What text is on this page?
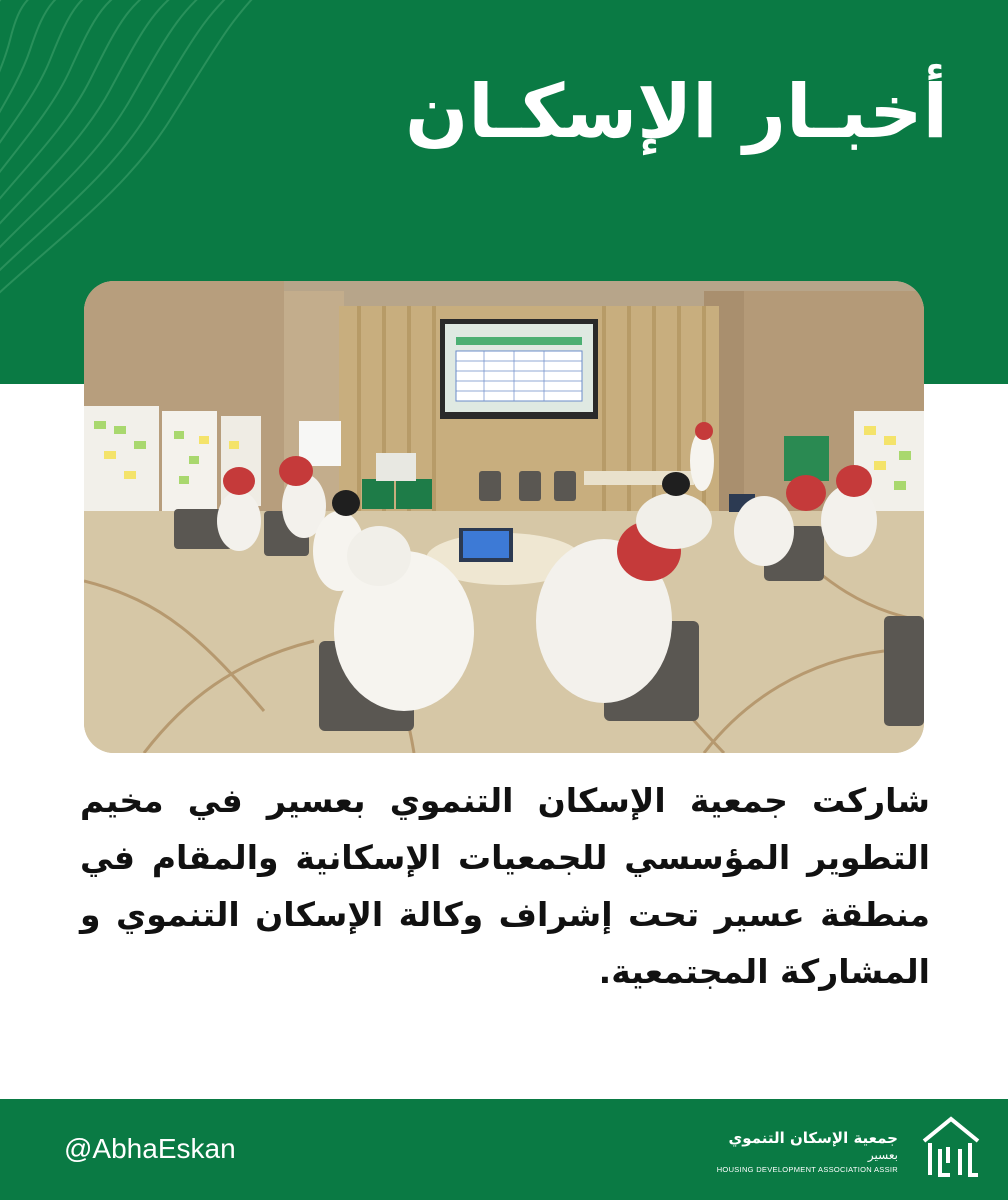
أخبـار الإسكـان
شاركت جمعية الإسكان التنموي بعسير في مخيم التطوير المؤسسي للجمعيات الإسكانية والمقام في منطقة عسير تحت إشراف وكالة الإسكان التنموي و المشاركة المجتمعية.
@AbhaEskan	جمعية الإسكان التنموي
بعسير
HOUSING DEVELOPMENT ASSOCIATION ASSIR
